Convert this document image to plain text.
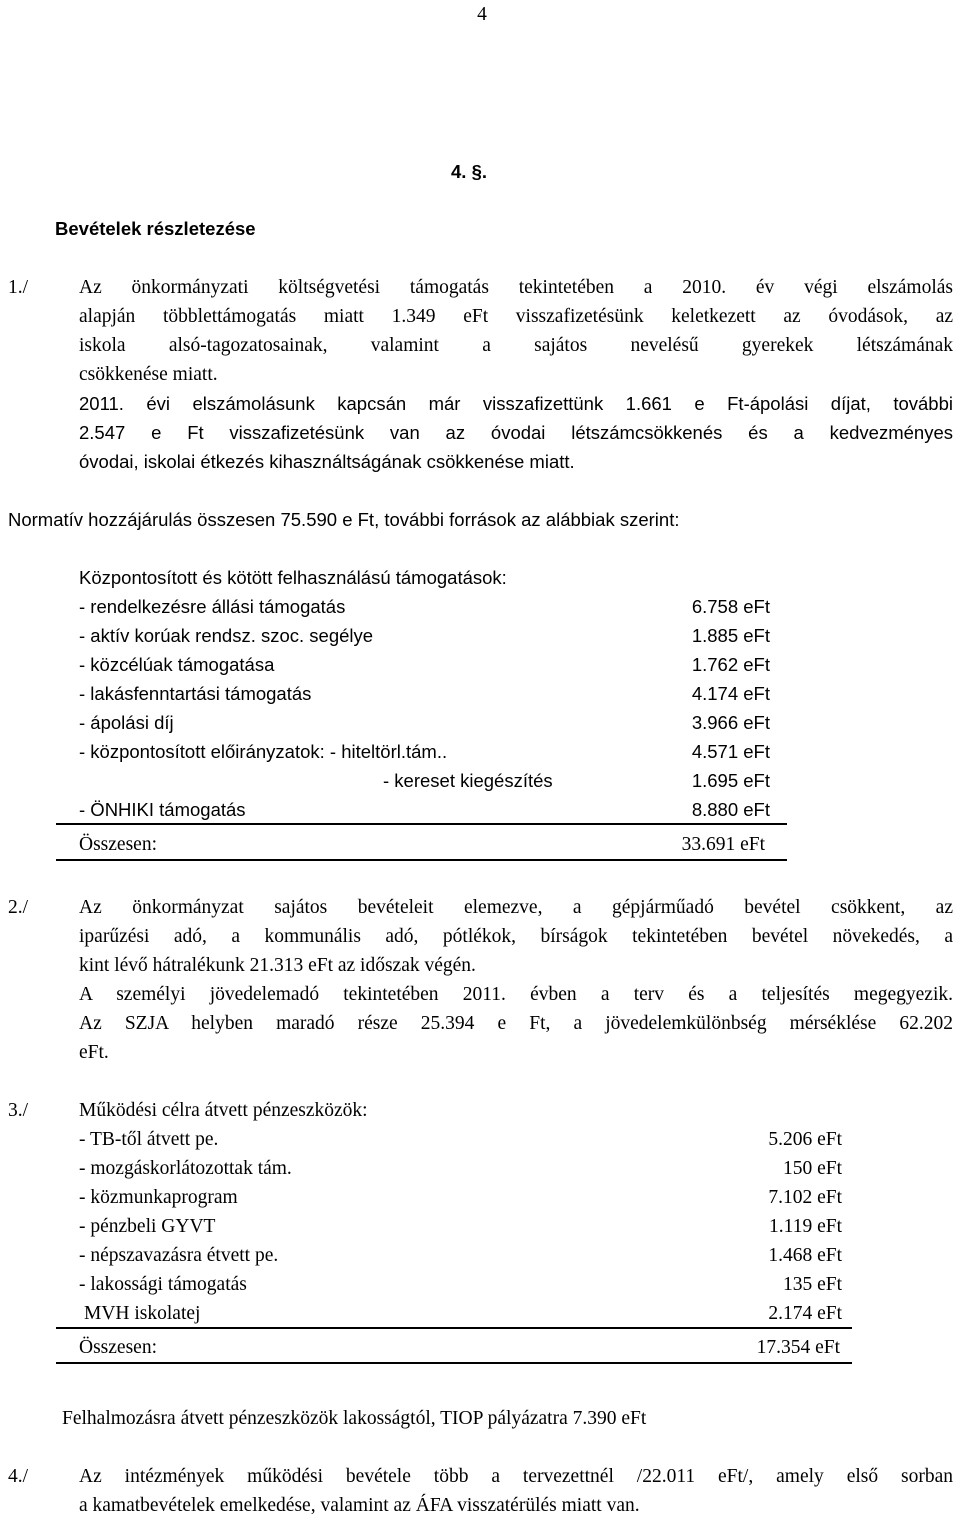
4
4. §.
Bevételek részletezése
1./	Az önkormányzati költségvetési támogatás tekintetében a 2010. év végi elszámolás
alapján többlettámogatás miatt 1.349 eFt visszafizetésünk keletkezett az óvodások, az
iskola alsó-tagozatosainak, valamint a sajátos nevelésű gyerekek létszámának
csökkenése miatt.
2011. évi elszámolásunk kapcsán már visszafizettünk 1.661 e Ft-ápolási díjat, további
2.547 e Ft visszafizetésünk van az óvodai létszámcsökkenés és a kedvezményes
óvodai, iskolai étkezés kihasználtságának csökkenése miatt.
Normatív hozzájárulás összesen 75.590 e Ft, további források az alábbiak szerint:
Központosított és kötött felhasználású támogatások:
- rendelkezésre állási támogatás	6.758 eFt
- aktív korúak rendsz. szoc. segélye	1.885 eFt
- közcélúak támogatása	1.762 eFt
- lakásfenntartási támogatás	4.174 eFt
- ápolási díj	3.966 eFt
- központosított előirányzatok: - hiteltörl.tám..	4.571 eFt
- kereset kiegészítés	1.695 eFt
- ÖNHIKI támogatás	8.880 eFt
Összesen:	33.691 eFt
2./	Az önkormányzat sajátos bevételeit elemezve, a gépjárműadó bevétel csökkent, az
iparűzési adó, a kommunális adó, pótlékok, bírságok tekintetében bevétel növekedés, a
kint lévő hátralékunk 21.313 eFt az időszak végén.
A személyi jövedelemadó tekintetében 2011. évben a terv és a teljesítés megegyezik.
Az SZJA helyben maradó része 25.394 e Ft, a jövedelemkülönbség mérséklése 62.202
eFt.
3./	Működési célra átvett pénzeszközök:
- TB-től átvett pe.	5.206 eFt
- mozgáskorlátozottak tám.	150 eFt
- közmunkaprogram	7.102 eFt
- pénzbeli GYVT	1.119 eFt
- népszavazásra étvett pe.	1.468 eFt
- lakossági támogatás	135 eFt
MVH iskolatej	2.174 eFt
Összesen:	17.354 eFt
Felhalmozásra átvett pénzeszközök lakosságtól, TIOP pályázatra 7.390 eFt
4./	Az intézmények működési bevétele több a tervezettnél /22.011 eFt/, amely első sorban
a kamatbevételek emelkedése, valamint az ÁFA visszatérülés miatt van.
